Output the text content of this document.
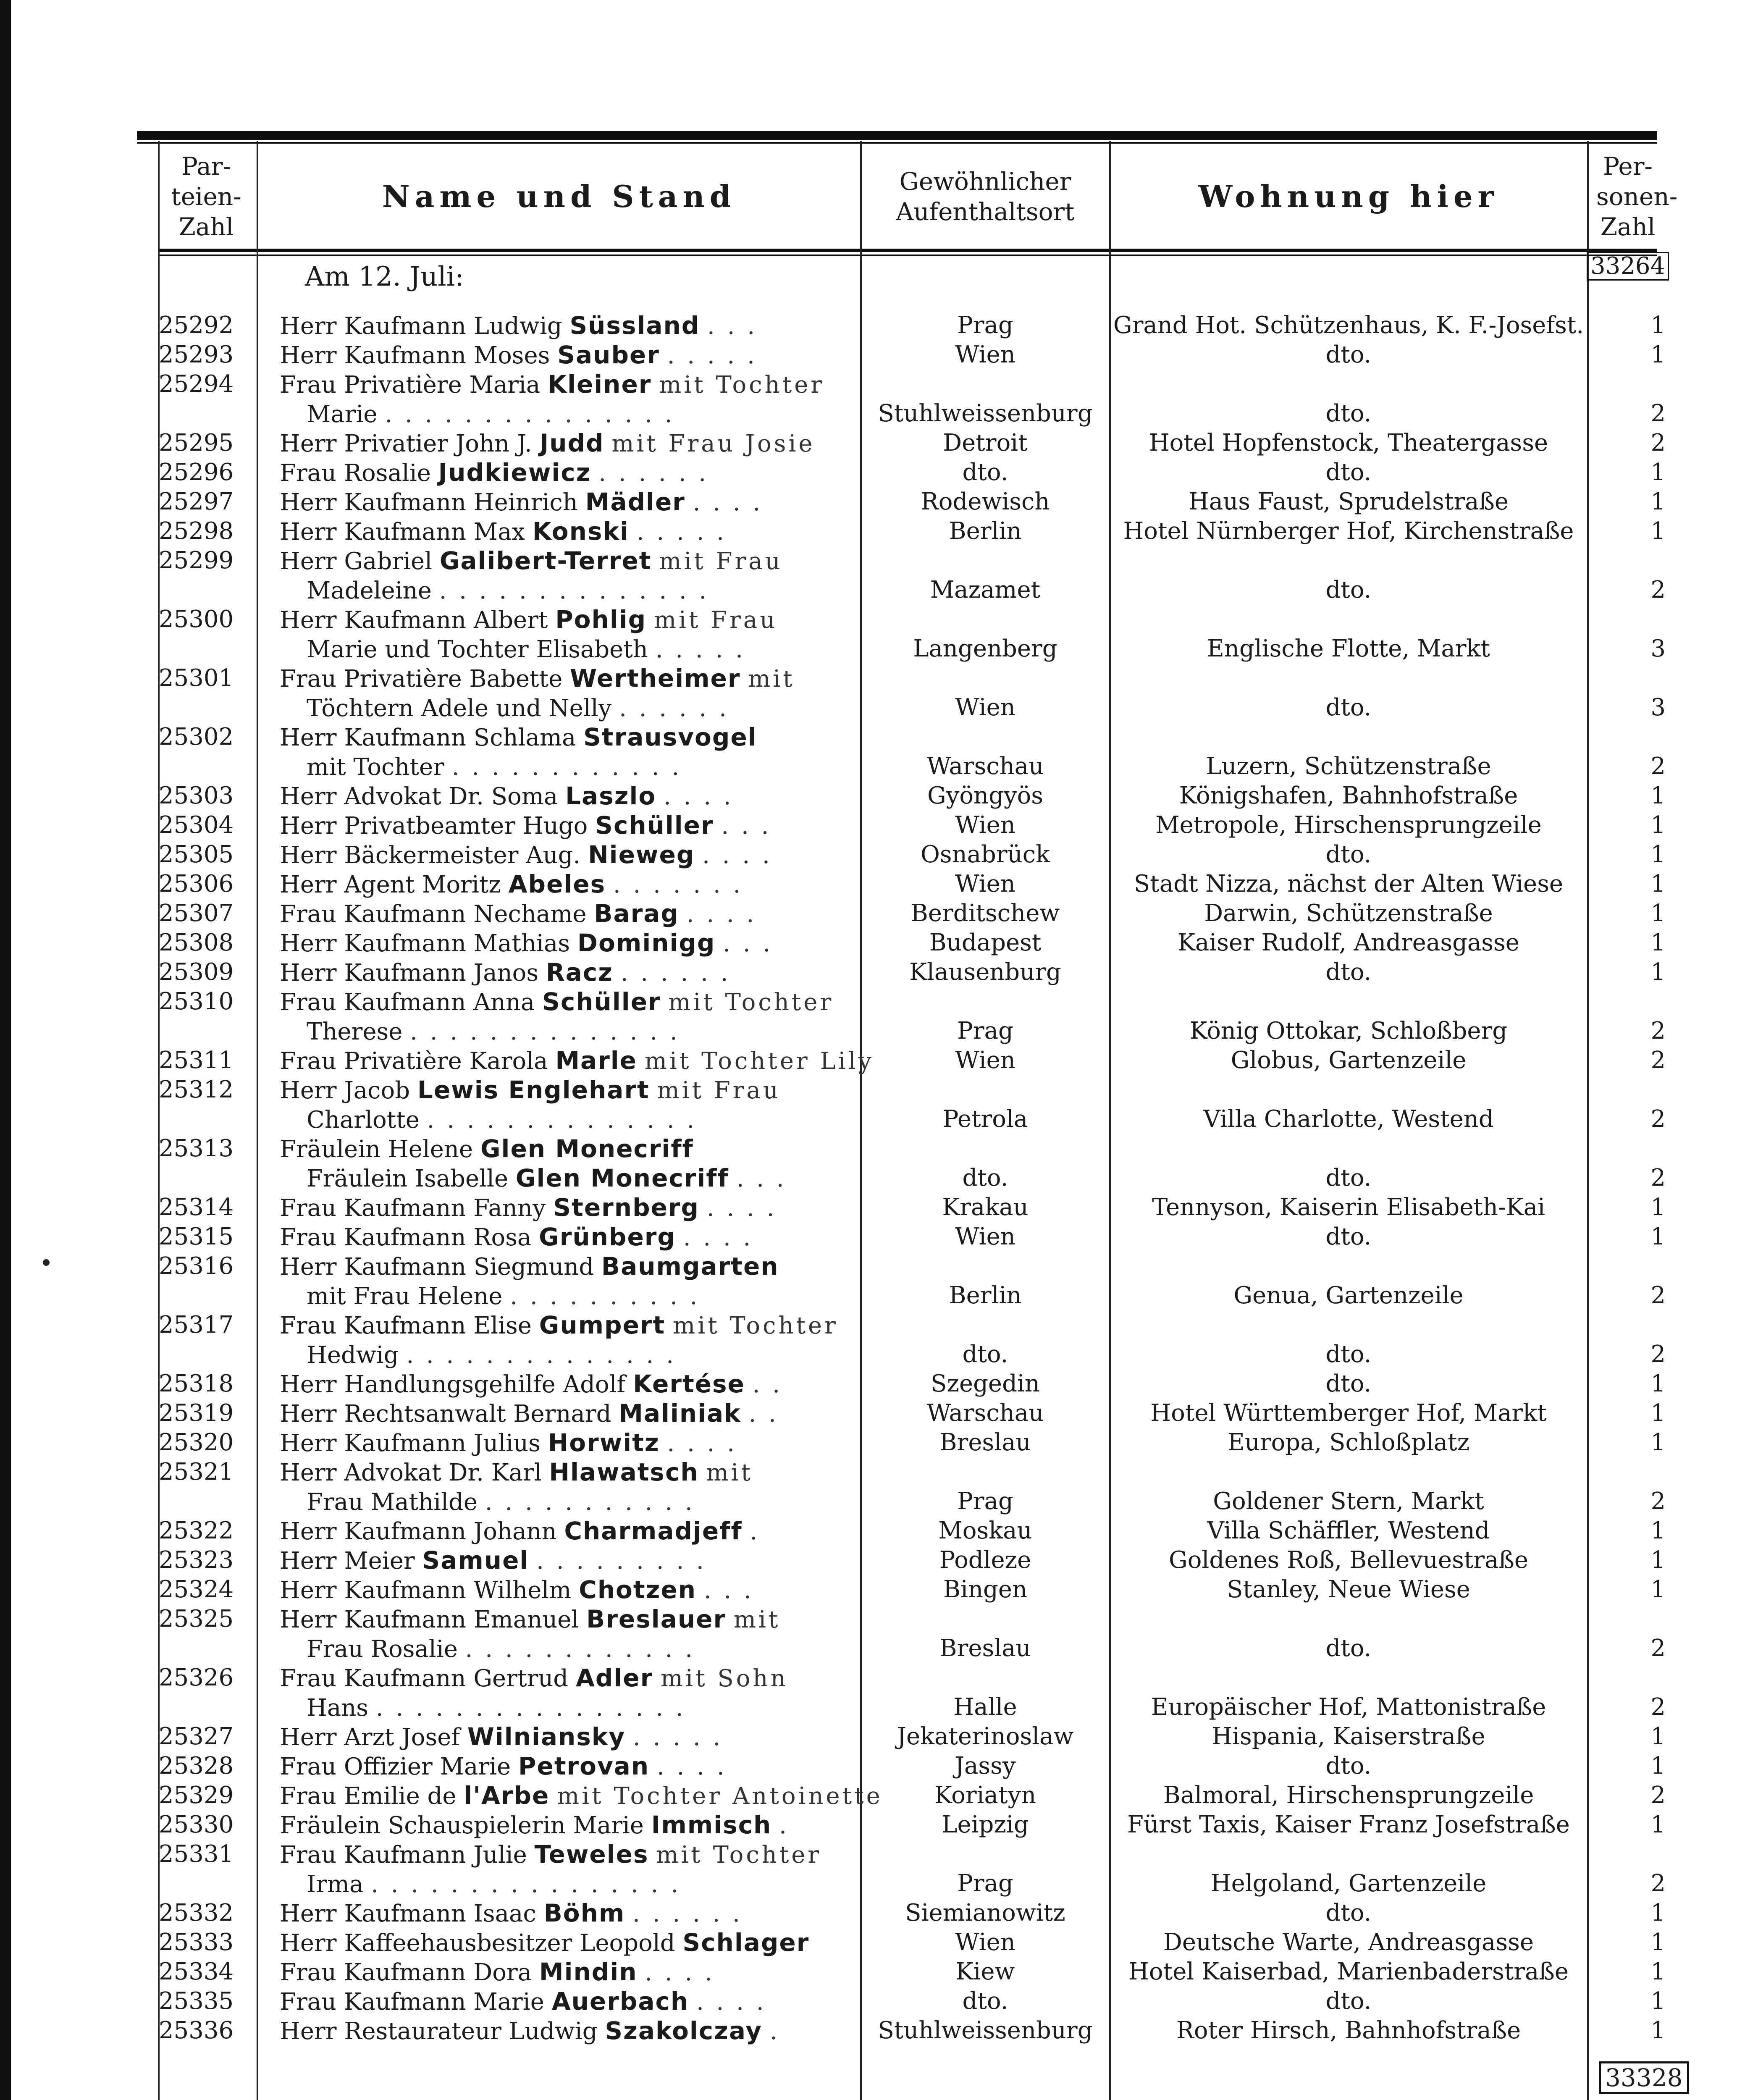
Par- teien- Zahl
Name und Stand	Gewöhnlicher Aufenthaltsort	Wohnung hier
Per- sonen- Zahl
Am 12. Juli:	33264
25292	Herr Kaufmann Ludwig Süssland . . .	Prag	Grand Hot. Schützenhaus, K. F.-Josefst.	1
25293	Herr Kaufmann Moses Sauber . . . . .	Wien	dto.	1
25294	Frau Privatière Maria Kleiner mit Tochter
Marie . . . . . . . . . . . . . . .	Stuhlweissenburg	dto.	2
25295	Herr Privatier John J. Judd mit Frau Josie	Detroit	Hotel Hopfenstock, Theatergasse	2
25296	Frau Rosalie Judkiewicz . . . . . .	dto.	dto.	1
25297	Herr Kaufmann Heinrich Mädler . . . .	Rodewisch	Haus Faust, Sprudelstraße	1
25298	Herr Kaufmann Max Konski . . . . .	Berlin	Hotel Nürnberger Hof, Kirchenstraße	1
25299	Herr Gabriel Galibert-Terret mit Frau
Madeleine . . . . . . . . . . . . . .	Mazamet	dto.	2
25300	Herr Kaufmann Albert Pohlig mit Frau
Marie und Tochter Elisabeth . . . . .	Langenberg	Englische Flotte, Markt	3
25301	Frau Privatière Babette Wertheimer mit
Töchtern Adele und Nelly . . . . . .	Wien	dto.	3
25302	Herr Kaufmann Schlama Strausvogel
mit Tochter . . . . . . . . . . . .	Warschau	Luzern, Schützenstraße	2
25303	Herr Advokat Dr. Soma Laszlo . . . .	Gyöngyös	Königshafen, Bahnhofstraße	1
25304	Herr Privatbeamter Hugo Schüller . . .	Wien	Metropole, Hirschensprungzeile	1
25305	Herr Bäckermeister Aug. Nieweg . . . .	Osnabrück	dto.	1
25306	Herr Agent Moritz Abeles . . . . . . .	Wien	Stadt Nizza, nächst der Alten Wiese	1
25307	Frau Kaufmann Nechame Barag . . . .	Berditschew	Darwin, Schützenstraße	1
25308	Herr Kaufmann Mathias Dominigg . . .	Budapest	Kaiser Rudolf, Andreasgasse	1
25309	Herr Kaufmann Janos Racz . . . . . .	Klausenburg	dto.	1
25310	Frau Kaufmann Anna Schüller mit Tochter
Therese . . . . . . . . . . . . . .	Prag	König Ottokar, Schloßberg	2
25311	Frau Privatière Karola Marle mit Tochter Lily	Wien	Globus, Gartenzeile	2
25312	Herr Jacob Lewis Englehart mit Frau
Charlotte . . . . . . . . . . . . . .	Petrola	Villa Charlotte, Westend	2
25313	Fräulein Helene Glen Monecriff
Fräulein Isabelle Glen Monecriff . . .	dto.	dto.	2
25314	Frau Kaufmann Fanny Sternberg . . . .	Krakau	Tennyson, Kaiserin Elisabeth-Kai	1
25315	Frau Kaufmann Rosa Grünberg . . . .	Wien	dto.	1
25316	Herr Kaufmann Siegmund Baumgarten
mit Frau Helene . . . . . . . . . .	Berlin	Genua, Gartenzeile	2
25317	Frau Kaufmann Elise Gumpert mit Tochter
Hedwig . . . . . . . . . . . . . .	dto.	dto.	2
25318	Herr Handlungsgehilfe Adolf Kertése . .	Szegedin	dto.	1
25319	Herr Rechtsanwalt Bernard Maliniak . .	Warschau	Hotel Württemberger Hof, Markt	1
25320	Herr Kaufmann Julius Horwitz . . . .	Breslau	Europa, Schloßplatz	1
25321	Herr Advokat Dr. Karl Hlawatsch mit
Frau Mathilde . . . . . . . . . . .	Prag	Goldener Stern, Markt	2
25322	Herr Kaufmann Johann Charmadjeff .	Moskau	Villa Schäffler, Westend	1
25323	Herr Meier Samuel . . . . . . . . .	Podleze	Goldenes Roß, Bellevuestraße	1
25324	Herr Kaufmann Wilhelm Chotzen . . .	Bingen	Stanley, Neue Wiese	1
25325	Herr Kaufmann Emanuel Breslauer mit
Frau Rosalie . . . . . . . . . . . .	Breslau	dto.	2
25326	Frau Kaufmann Gertrud Adler mit Sohn
Hans . . . . . . . . . . . . . . . .	Halle	Europäischer Hof, Mattonistraße	2
25327	Herr Arzt Josef Wilniansky . . . . .	Jekaterinoslaw	Hispania, Kaiserstraße	1
25328	Frau Offizier Marie Petrovan . . . .	Jassy	dto.	1
25329	Frau Emilie de l'Arbe mit Tochter Antoinette	Koriatyn	Balmoral, Hirschensprungzeile	2
25330	Fräulein Schauspielerin Marie Immisch .	Leipzig	Fürst Taxis, Kaiser Franz Josefstraße	1
25331	Frau Kaufmann Julie Teweles mit Tochter
Irma . . . . . . . . . . . . . . . .	Prag	Helgoland, Gartenzeile	2
25332	Herr Kaufmann Isaac Böhm . . . . . .	Siemianowitz	dto.	1
25333	Herr Kaffeehausbesitzer Leopold Schlager	Wien	Deutsche Warte, Andreasgasse	1
25334	Frau Kaufmann Dora Mindin . . . .	Kiew	Hotel Kaiserbad, Marienbaderstraße	1
25335	Frau Kaufmann Marie Auerbach . . . .	dto.	dto.	1
25336	Herr Restaurateur Ludwig Szakolczay .	Stuhlweissenburg	Roter Hirsch, Bahnhofstraße	1
33328
